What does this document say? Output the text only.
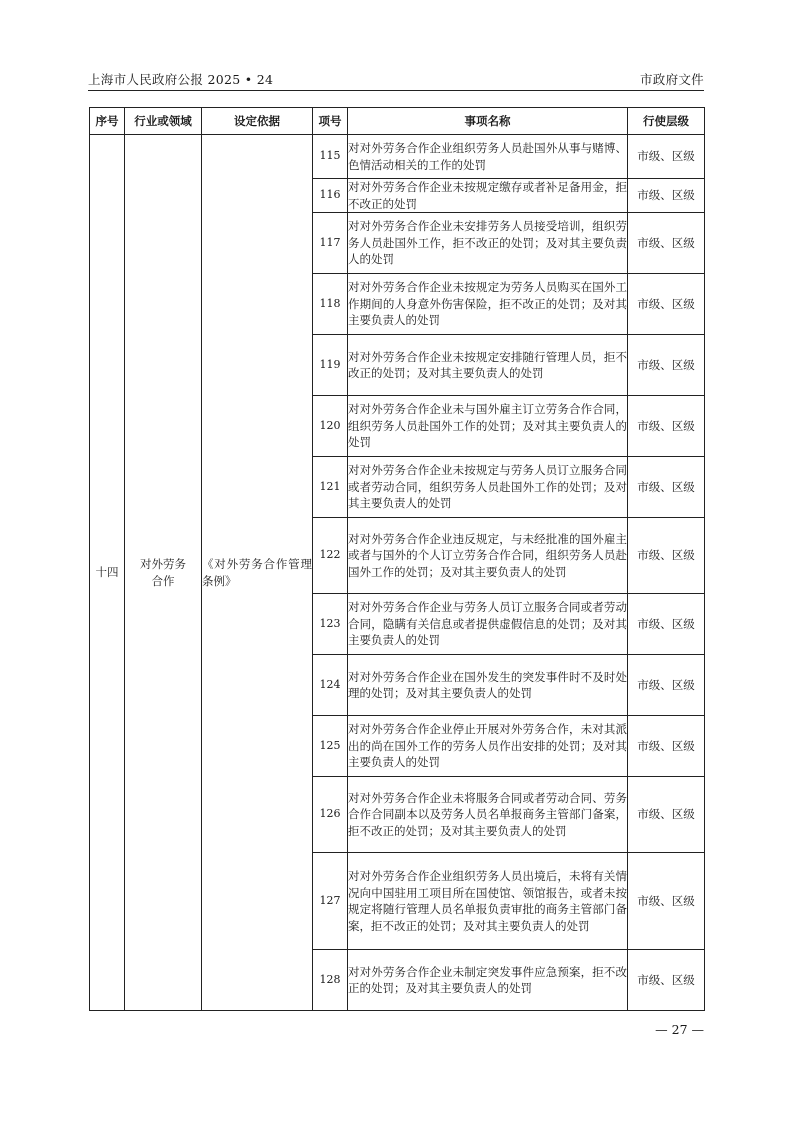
上海市人民政府公报 2025 • 24	市政府文件
序号	行业或领域	设定依据	项号	事项名称	行使层级
十四	对外劳务合作	《对外劳务合作管理条例》	115	对对外劳务合作企业组织劳务人员赴国外从事与赌博、色情活动相关的工作的处罚	市级、区级
			116	对对外劳务合作企业未按规定缴存或者补足备用金，拒不改正的处罚	市级、区级
			117	对对外劳务合作企业未安排劳务人员接受培训，组织劳务人员赴国外工作，拒不改正的处罚；及对其主要负责人的处罚	市级、区级
			118	对对外劳务合作企业未按规定为劳务人员购买在国外工作期间的人身意外伤害保险，拒不改正的处罚；及对其主要负责人的处罚	市级、区级
			119	对对外劳务合作企业未按规定安排随行管理人员，拒不改正的处罚；及对其主要负责人的处罚	市级、区级
			120	对对外劳务合作企业未与国外雇主订立劳务合作合同，组织劳务人员赴国外工作的处罚；及对其主要负责人的处罚	市级、区级
			121	对对外劳务合作企业未按规定与劳务人员订立服务合同或者劳动合同，组织劳务人员赴国外工作的处罚；及对其主要负责人的处罚	市级、区级
			122	对对外劳务合作企业违反规定，与未经批准的国外雇主或者与国外的个人订立劳务合作合同，组织劳务人员赴国外工作的处罚；及对其主要负责人的处罚	市级、区级
			123	对对外劳务合作企业与劳务人员订立服务合同或者劳动合同，隐瞒有关信息或者提供虚假信息的处罚；及对其主要负责人的处罚	市级、区级
			124	对对外劳务合作企业在国外发生的突发事件时不及时处理的处罚；及对其主要负责人的处罚	市级、区级
			125	对对外劳务合作企业停止开展对外劳务合作，未对其派出的尚在国外工作的劳务人员作出安排的处罚；及对其主要负责人的处罚	市级、区级
			126	对对外劳务合作企业未将服务合同或者劳动合同、劳务合作合同副本以及劳务人员名单报商务主管部门备案，拒不改正的处罚；及对其主要负责人的处罚	市级、区级
			127	对对外劳务合作企业组织劳务人员出境后，未将有关情况向中国驻用工项目所在国使馆、领馆报告，或者未按规定将随行管理人员名单报负责审批的商务主管部门备案，拒不改正的处罚；及对其主要负责人的处罚	市级、区级
			128	对对外劳务合作企业未制定突发事件应急预案，拒不改正的处罚；及对其主要负责人的处罚	市级、区级
— 27 —
